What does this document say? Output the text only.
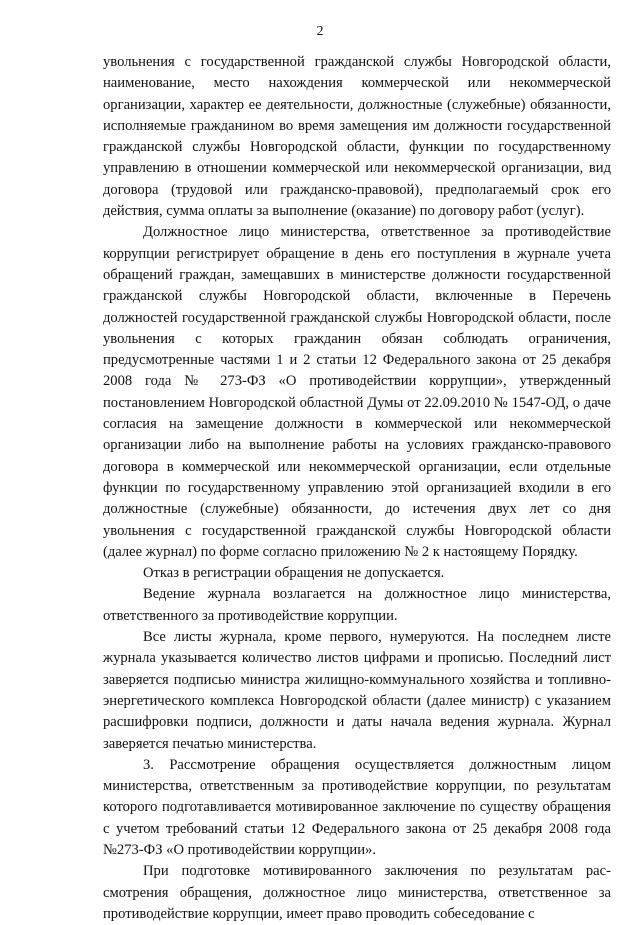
2

увольнения с государственной гражданской службы Новгородской области, наименование, место нахождения коммерческой или некоммерческой организации, характер ее деятельности, должностные (служебные) обязанности, исполняемые гражданином во время замещения им должности государственной гражданской службы Новгородской области, функции по государственному управлению в отношении коммерческой или некоммерческой организации, вид договора (трудовой или гражданско-правовой), предполагаемый срок его действия, сумма оплаты за выполнение (оказание) по договору работ (услуг).

Должностное лицо министерства, ответственное за противодействие коррупции регистрирует обращение в день его поступления в журнале учета обращений граждан, замещавших в министерстве должности государственной гражданской службы Новгородской области, включенные в Перечень должностей государственной гражданской службы Новгородской области, после увольнения с которых гражданин обязан соблюдать ограничения, предусмотренные частями 1 и 2 статьи 12 Федерального закона от 25 декабря 2008 года № 273-ФЗ «О противодействии коррупции», утвержденный постановлением Новгородской областной Думы от 22.09.2010 № 1547-ОД, о даче согласия на замещение должности в коммерческой или некоммерческой организации либо на выполнение работы на условиях гражданско-правового договора в коммерческой или некоммерческой организации, если отдельные функции по государственному управлению этой организацией входили в его должностные (служебные) обязанности, до истечения двух лет со дня увольнения с государственной гражданской службы Новгородской области (далее журнал) по форме согласно приложению № 2 к настоящему Порядку.

Отказ в регистрации обращения не допускается.

Ведение журнала возлагается на должностное лицо министерства, ответственного за противодействие коррупции.

Все листы журнала, кроме первого, нумеруются. На последнем листе журнала указывается количество листов цифрами и прописью. Последний лист заверяется подписью министра жилищно-коммунального хозяйства и топливно-энергетического комплекса Новгородской области (далее министр) с указанием расшифровки подписи, должности и даты начала ведения журнала. Журнал заверяется печатью министерства.

3. Рассмотрение обращения осуществляется должностным лицом министерства, ответственным за противодействие коррупции, по результатам которого подготавливается мотивированное заключение по существу обращения с учетом требований статьи 12 Федерального закона от 25 декабря 2008 года №273-ФЗ «О противодействии коррупции».

При подготовке мотивированного заключения по результатам рас-смотрения обращения, должностное лицо министерства, ответственное за противодействие коррупции, имеет право проводить собеседование с
